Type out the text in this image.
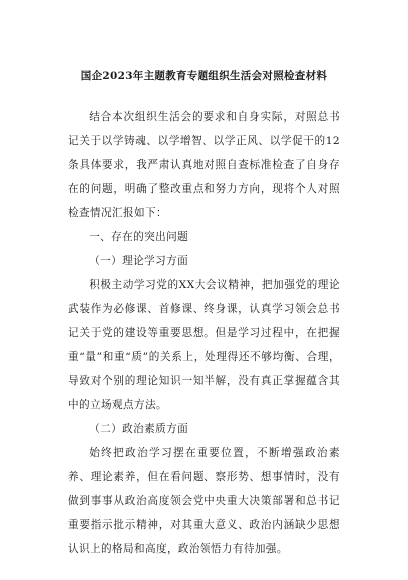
国企2023年主题教育专题组织生活会对照检查材料

结合本次组织生活会的要求和自身实际，对照总书记关于以学铸魂、以学增智、以学正风、以学促干的12条具体要求，我严肃认真地对照自查标准检查了自身存在的问题，明确了整改重点和努力方向，现将个人对照检查情况汇报如下：

一、存在的突出问题

（一）理论学习方面

积极主动学习党的XX大会议精神，把加强党的理论武装作为必修课、首修课、终身课，认真学习领会总书记关于党的建设等重要思想。但是学习过程中，在把握重“量”和重“质”的关系上，处理得还不够均衡、合理，导致对个别的理论知识一知半解，没有真正掌握蕴含其中的立场观点方法。

（二）政治素质方面

始终把政治学习摆在重要位置，不断增强政治素养、理论素养，但在看问题、察形势、想事情时，没有做到事事从政治高度领会党中央重大决策部署和总书记重要指示批示精神，对其重大意义、政治内涵缺少思想认识上的格局和高度，政治领悟力有待加强。
